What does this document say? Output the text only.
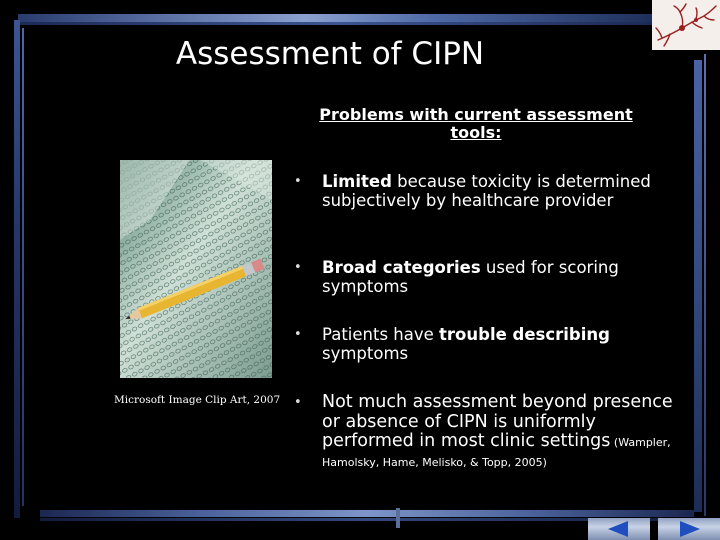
Assessment of CIPN
Microsoft Image Clip Art, 2007
Problems with current assessment
tools:
•	Limited because toxicity is determined subjectively by healthcare provider
•	Broad categories used for scoring symptoms
•	Patients have trouble describing symptoms
•	Not much assessment beyond presence or absence of CIPN is uniformly performed in most clinic settings (Wampler, Hamolsky, Hame, Melisko, & Topp, 2005)
